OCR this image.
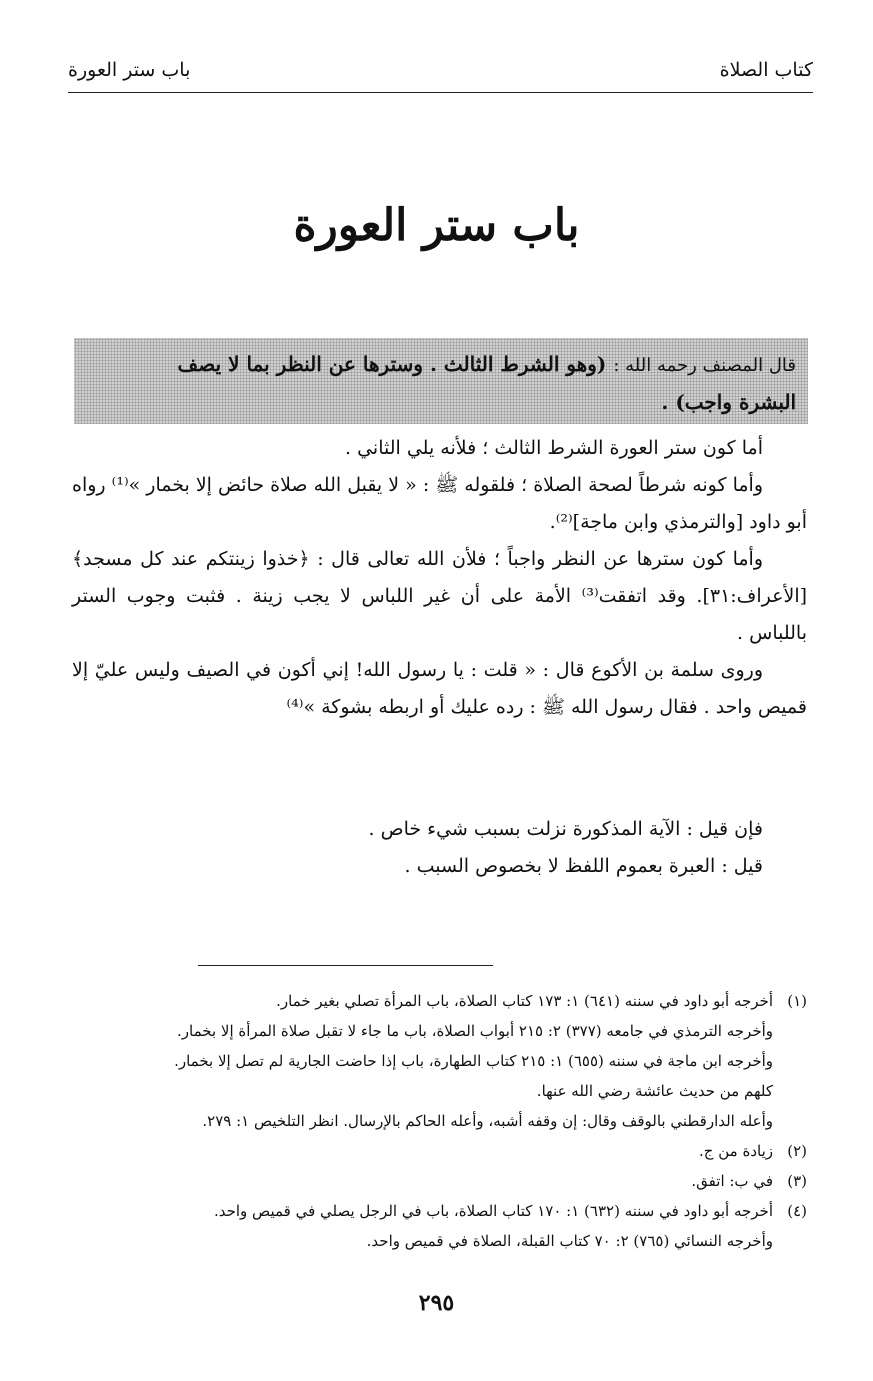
كتاب الصلاة
باب ستر العورة
باب ستر العورة
قال المصنف رحمه الله : (وهو الشرط الثالث . وسترها عن النظر بما لا يصف
البشرة واجب) .

أما كون ستر العورة الشرط الثالث ؛ فلأنه يلي الثاني .

وأما كونه شرطاً لصحة الصلاة ؛ فلقوله ﷺ : « لا يقبل الله صلاة حائض إلا بخمار »⁽¹⁾ رواه أبو داود [والترمذي وابن ماجة]⁽²⁾.

وأما كون سترها عن النظر واجباً ؛ فلأن الله تعالى قال : ﴿خذوا زينتكم عند كل مسجد﴾ [الأعراف:٣١]. وقد اتفقت⁽³⁾ الأمة على أن غير اللباس لا يجب زينة . فثبت وجوب الستر باللباس .

وروى سلمة بن الأكوع قال : « قلت : يا رسول الله! إني أكون في الصيف وليس عليّ إلا قميص واحد . فقال رسول الله ﷺ : رده عليك أو اربطه بشوكة »⁽⁴⁾

فإن قيل : الآية المذكورة نزلت بسبب شيء خاص .

قيل : العبرة بعموم اللفظ لا بخصوص السبب .

(١)
أخرجه أبو داود في سننه (٦٤١) ١: ١٧٣ كتاب الصلاة، باب المرأة تصلي بغير خمار.
وأخرجه الترمذي في جامعه (٣٧٧) ٢: ٢١٥ أبواب الصلاة، باب ما جاء لا تقبل صلاة المرأة إلا بخمار.
وأخرجه ابن ماجة في سننه (٦٥٥) ١: ٢١٥ كتاب الطهارة، باب إذا حاضت الجارية لم تصل إلا بخمار.
كلهم من حديث عائشة رضي الله عنها.
وأعله الدارقطني بالوقف وقال: إن وقفه أشبه، وأعله الحاكم بالإرسال. انظر التلخيص ١: ٢٧٩.
(٢)
زيادة من ج.
(٣)
في ب: اتفق.
(٤)
أخرجه أبو داود في سننه (٦٣٢) ١: ١٧٠ كتاب الصلاة، باب في الرجل يصلي في قميص واحد.
وأخرجه النسائي (٧٦٥) ٢: ٧٠ كتاب القبلة، الصلاة في قميص واحد.
٢٩٥
